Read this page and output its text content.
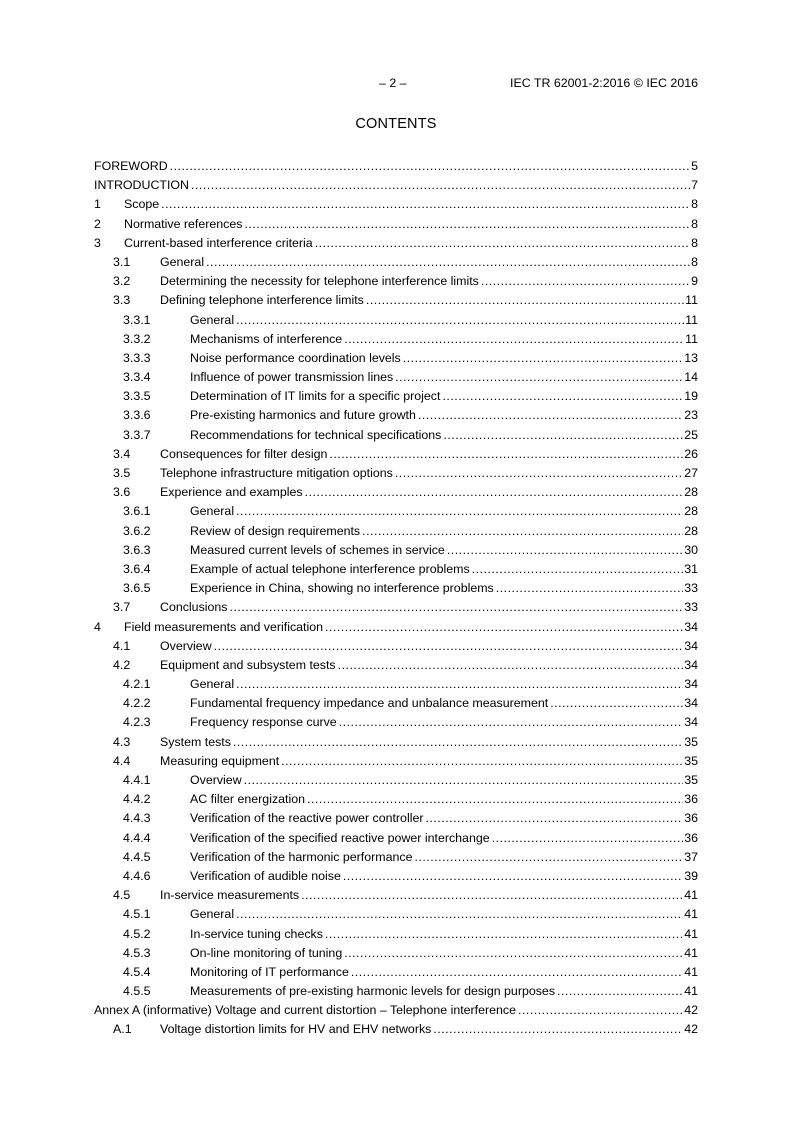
– 2 –	IEC TR 62001-2:2016 © IEC 2016
CONTENTS
FOREWORD .....	5
INTRODUCTION .....	7
1	Scope .....	8
2	Normative references .....	8
3	Current-based interference criteria .....	8
3.1	General .....	8
3.2	Determining the necessity for telephone interference limits .....	9
3.3	Defining telephone interference limits .....	11
3.3.1	General .....	11
3.3.2	Mechanisms of interference .....	11
3.3.3	Noise performance coordination levels .....	13
3.3.4	Influence of power transmission lines .....	14
3.3.5	Determination of IT limits for a specific project .....	19
3.3.6	Pre-existing harmonics and future growth .....	23
3.3.7	Recommendations for technical specifications .....	25
3.4	Consequences for filter design .....	26
3.5	Telephone infrastructure mitigation options .....	27
3.6	Experience and examples .....	28
3.6.1	General .....	28
3.6.2	Review of design requirements .....	28
3.6.3	Measured current levels of schemes in service .....	30
3.6.4	Example of actual telephone interference problems .....	31
3.6.5	Experience in China, showing no interference problems .....	33
3.7	Conclusions .....	33
4	Field measurements and verification .....	34
4.1	Overview .....	34
4.2	Equipment and subsystem tests .....	34
4.2.1	General .....	34
4.2.2	Fundamental frequency impedance and unbalance measurement .....	34
4.2.3	Frequency response curve .....	34
4.3	System tests .....	35
4.4	Measuring equipment .....	35
4.4.1	Overview .....	35
4.4.2	AC filter energization .....	36
4.4.3	Verification of the reactive power controller .....	36
4.4.4	Verification of the specified reactive power interchange .....	36
4.4.5	Verification of the harmonic performance .....	37
4.4.6	Verification of audible noise .....	39
4.5	In-service measurements .....	41
4.5.1	General .....	41
4.5.2	In-service tuning checks .....	41
4.5.3	On-line monitoring of tuning .....	41
4.5.4	Monitoring of IT performance .....	41
4.5.5	Measurements of pre-existing harmonic levels for design purposes .....	41
Annex A (informative) Voltage and current distortion – Telephone interference .....	42
A.1	Voltage distortion limits for HV and EHV networks .....	42
